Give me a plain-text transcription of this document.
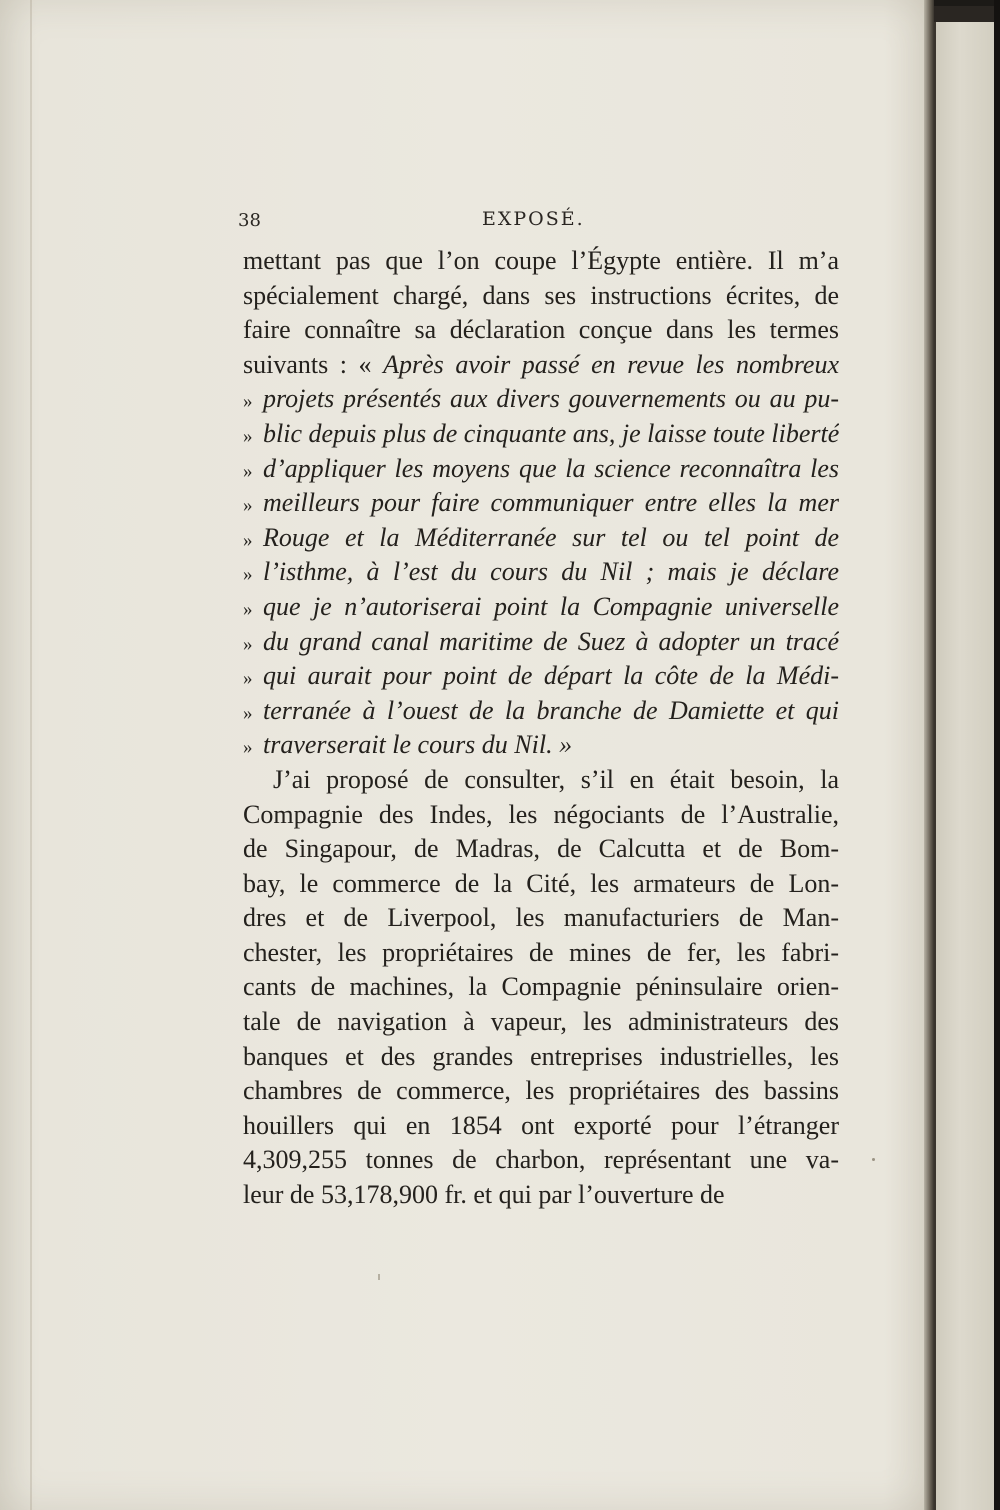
38	EXPOSÉ.
mettant pas que l’on coupe l’Égypte entière. Il m’a
spécialement chargé, dans ses instructions écrites, de
faire connaître sa déclaration conçue dans les termes
suivants : « Après avoir passé en revue les nombreux
» projets présentés aux divers gouvernements ou au pu-
» blic depuis plus de cinquante ans, je laisse toute liberté
» d’appliquer les moyens que la science reconnaîtra les
» meilleurs pour faire communiquer entre elles la mer
» Rouge et la Méditerranée sur tel ou tel point de
» l’isthme, à l’est du cours du Nil ; mais je déclare
» que je n’autoriserai point la Compagnie universelle
» du grand canal maritime de Suez à adopter un tracé
» qui aurait pour point de départ la côte de la Médi-
» terranée à l’ouest de la branche de Damiette et qui
» traverserait le cours du Nil. »
J’ai proposé de consulter, s’il en était besoin, la
Compagnie des Indes, les négociants de l’Australie,
de Singapour, de Madras, de Calcutta et de Bom-
bay, le commerce de la Cité, les armateurs de Lon-
dres et de Liverpool, les manufacturiers de Man-
chester, les propriétaires de mines de fer, les fabri-
cants de machines, la Compagnie péninsulaire orien-
tale de navigation à vapeur, les administrateurs des
banques et des grandes entreprises industrielles, les
chambres de commerce, les propriétaires des bassins
houillers qui en 1854 ont exporté pour l’étranger
4,309,255 tonnes de charbon, représentant une va-
leur de 53,178,900 fr. et qui par l’ouverture de
